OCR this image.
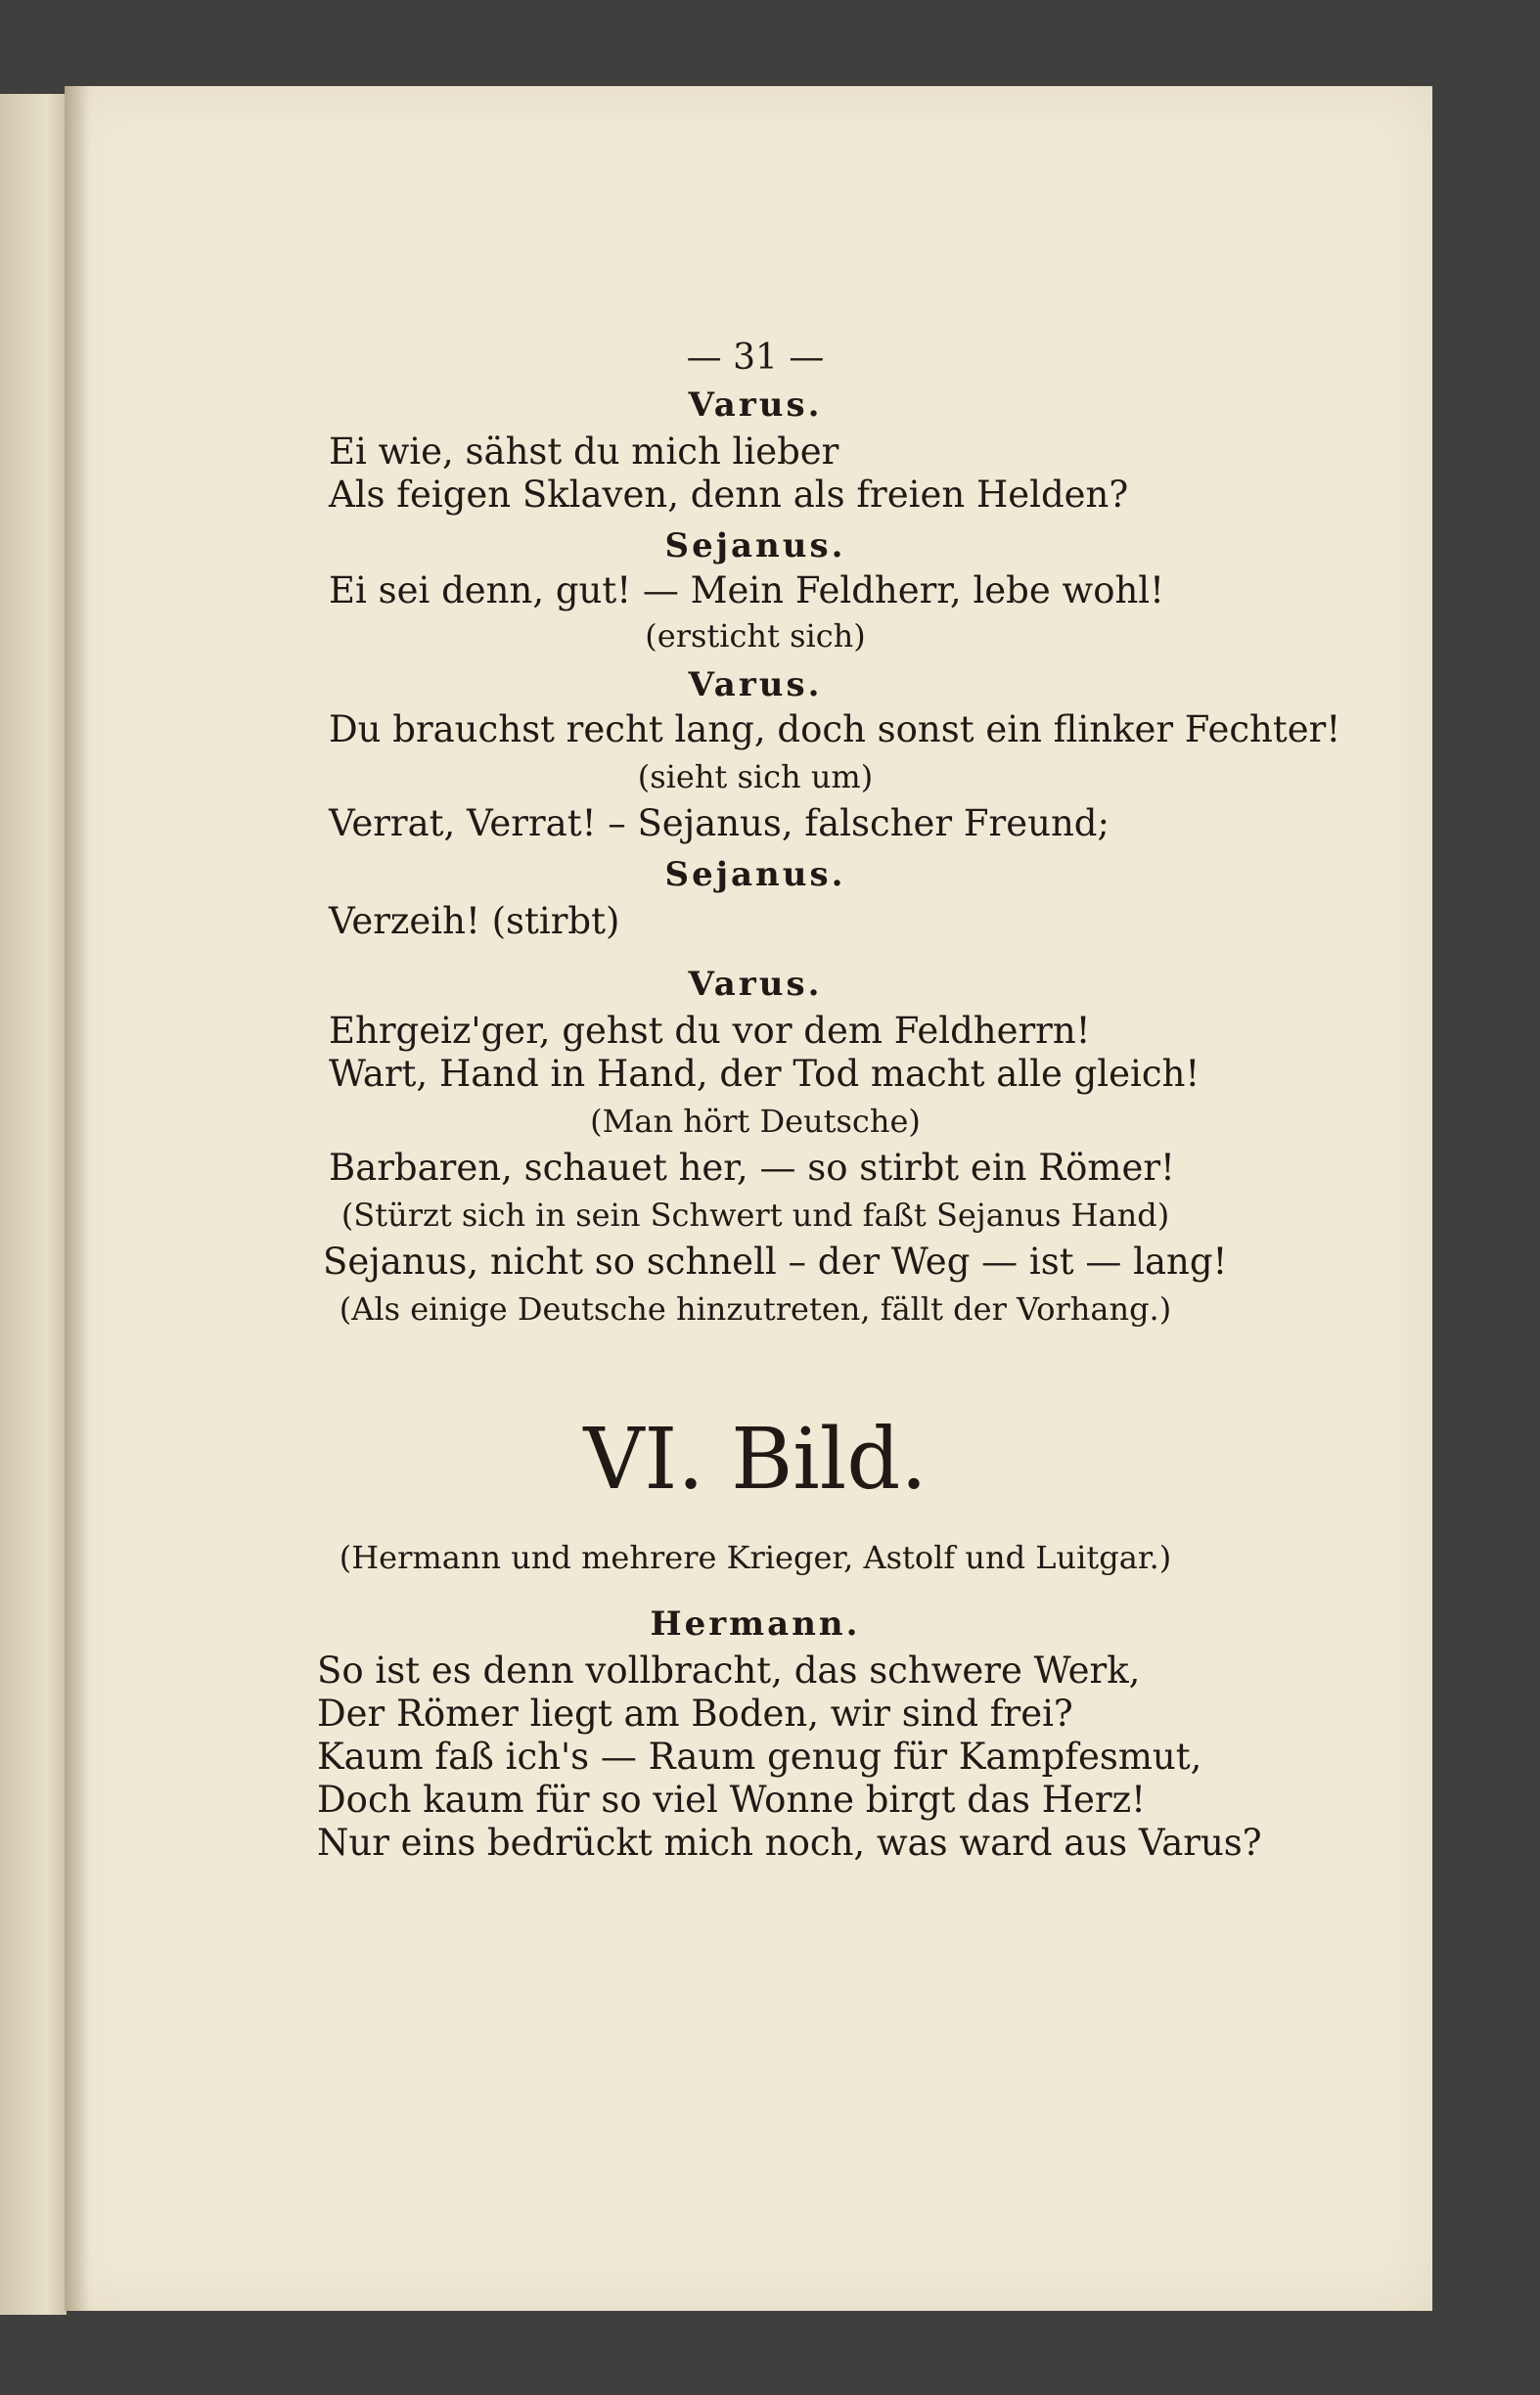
— 31 —
Varus.
Ei wie, sähst du mich lieber
Als feigen Sklaven, denn als freien Helden?
Sejanus.
Ei sei denn, gut! — Mein Feldherr, lebe wohl!
(ersticht sich)
Varus.
Du brauchst recht lang, doch sonst ein flinker Fechter!
(sieht sich um)
Verrat, Verrat! – Sejanus, falscher Freund;
Sejanus.
Verzeih! (stirbt)
Varus.
Ehrgeiz'ger, gehst du vor dem Feldherrn!
Wart, Hand in Hand, der Tod macht alle gleich!
(Man hört Deutsche)
Barbaren, schauet her, — so stirbt ein Römer!
(Stürzt sich in sein Schwert und faßt Sejanus Hand)
Sejanus, nicht so schnell – der Weg — ist — lang!
(Als einige Deutsche hinzutreten, fällt der Vorhang.)
VI. Bild.
(Hermann und mehrere Krieger, Astolf und Luitgar.)
Hermann.
So ist es denn vollbracht, das schwere Werk,
Der Römer liegt am Boden, wir sind frei?
Kaum faß ich's — Raum genug für Kampfesmut,
Doch kaum für so viel Wonne birgt das Herz!
Nur eins bedrückt mich noch, was ward aus Varus?
